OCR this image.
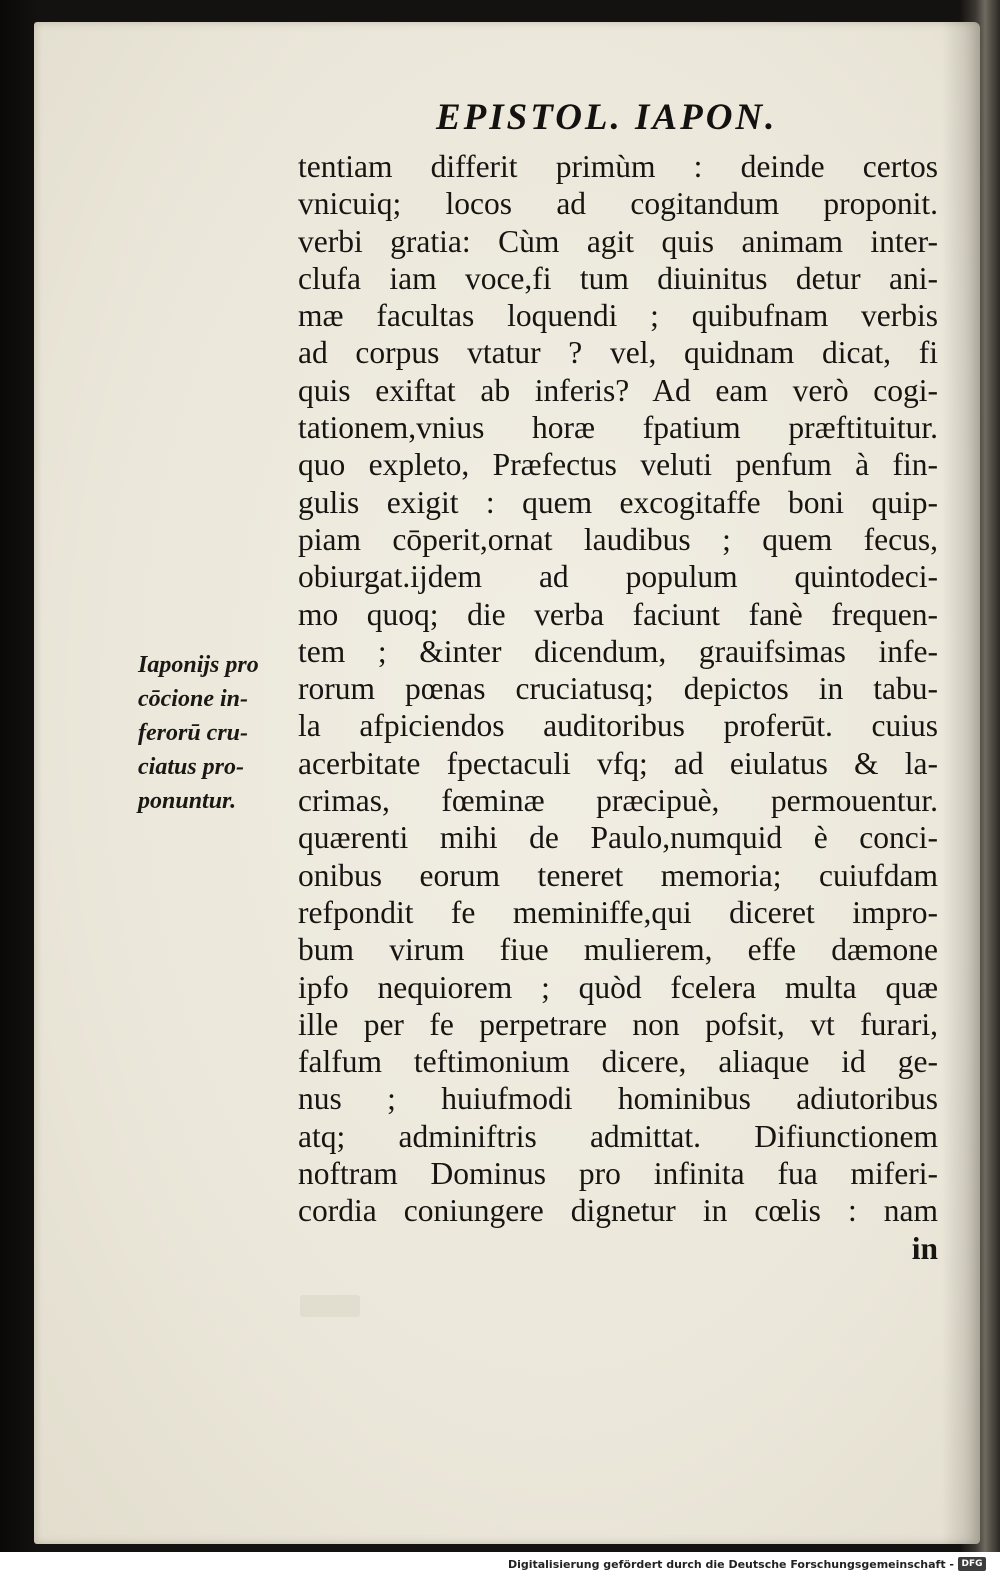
EPISTOL. IAPON.
tentiam differit primùm : deinde certos
vnicuiq; locos ad cogitandum proponit.
verbi gratia: Cùm agit quis animam inter-
clufa iam voce,fi tum diuinitus detur ani-
mæ facultas loquendi ; quibufnam verbis
ad corpus vtatur ? vel, quidnam dicat, fi
quis exiftat ab inferis? Ad eam verò cogi-
tationem,vnius horæ fpatium præftituitur.
quo expleto, Præfectus veluti penfum à fin-
gulis exigit : quem excogitaffe boni quip-
piam cōperit,ornat laudibus ; quem fecus,
obiurgat.ijdem ad populum quintodeci-
mo quoq; die verba faciunt fanè frequen-
tem ; &inter dicendum, grauifsimas infe-
rorum pœnas cruciatusq; depictos in tabu-
la afpiciendos auditoribus proferūt. cuius
acerbitate fpectaculi vfq; ad eiulatus & la-
crimas, fœminæ præcipuè, permouentur.
quærenti mihi de Paulo,numquid è conci-
onibus eorum teneret memoria; cuiufdam
refpondit fe meminiffe,qui diceret impro-
bum virum fiue mulierem, effe dæmone
ipfo nequiorem ; quòd fcelera multa quæ
ille per fe perpetrare non pofsit, vt furari,
falfum teftimonium dicere, aliaque id ge-
nus ; huiufmodi hominibus adiutoribus
atq; adminiftris admittat. Difiunctionem
noftram Dominus pro infinita fua miferi-
cordia coniungere dignetur in cœlis : nam
in
Iaponijs pro
cōcione in-
ferorū cru-
ciatus pro-
ponuntur.
Digitalisierung gefördert durch die Deutsche Forschungsgemeinschaft - DFG
